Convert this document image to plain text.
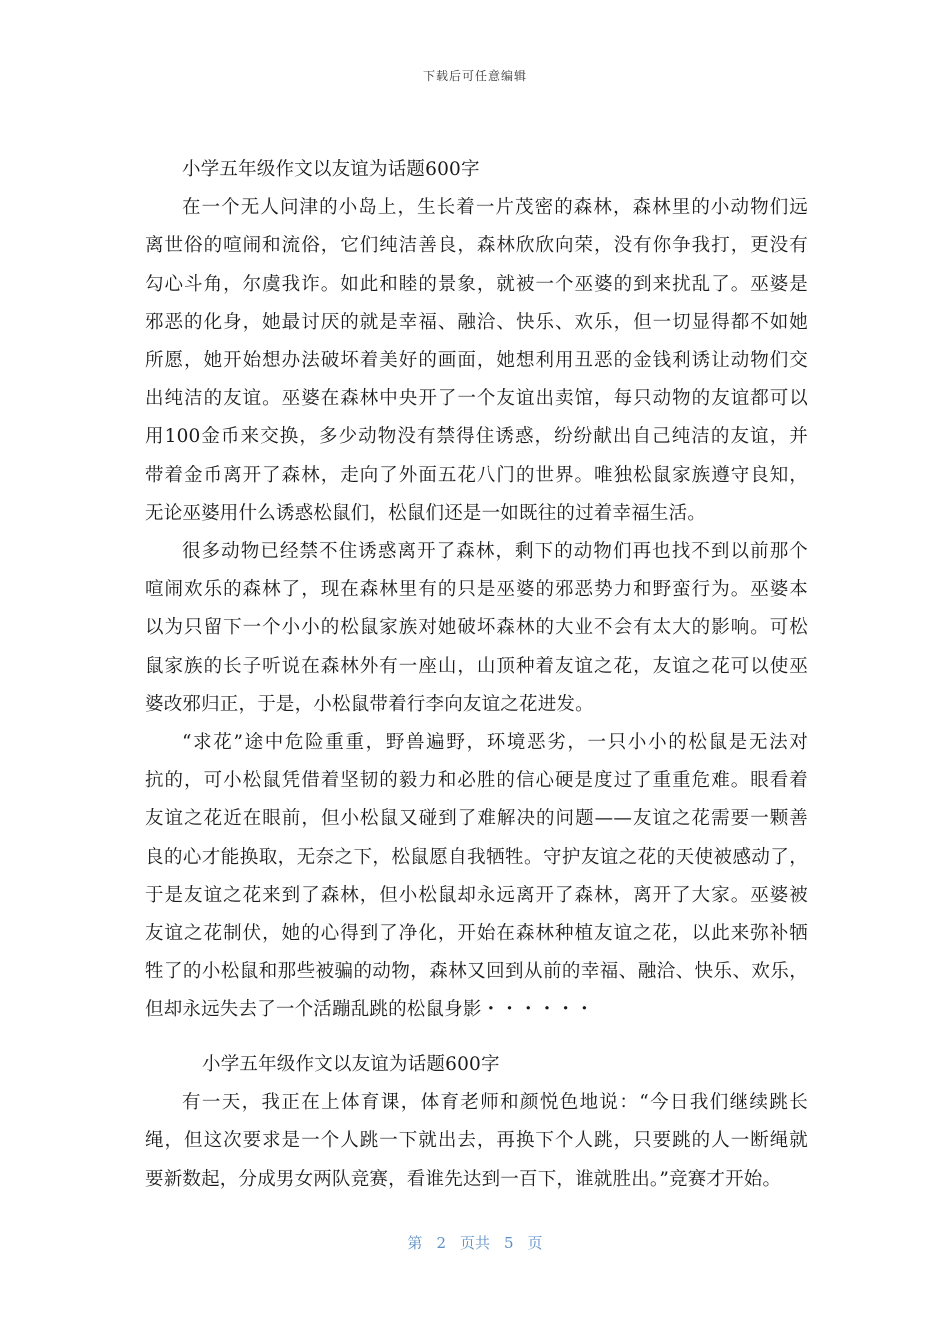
下载后可任意编辑
小学五年级作文以友谊为话题600字
在一个无人问津的小岛上，生长着一片茂密的森林，森林里的小动物们远
离世俗的喧闹和流俗，它们纯洁善良，森林欣欣向荣，没有你争我打，更没有
勾心斗角，尔虞我诈。如此和睦的景象，就被一个巫婆的到来扰乱了。巫婆是
邪恶的化身，她最讨厌的就是幸福、融洽、快乐、欢乐，但一切显得都不如她
所愿，她开始想办法破坏着美好的画面，她想利用丑恶的金钱利诱让动物们交
出纯洁的友谊。巫婆在森林中央开了一个友谊出卖馆，每只动物的友谊都可以
用100金币来交换，多少动物没有禁得住诱惑，纷纷献出自己纯洁的友谊，并
带着金币离开了森林，走向了外面五花八门的世界。唯独松鼠家族遵守良知，
无论巫婆用什么诱惑松鼠们，松鼠们还是一如既往的过着幸福生活。
很多动物已经禁不住诱惑离开了森林，剩下的动物们再也找不到以前那个
喧闹欢乐的森林了，现在森林里有的只是巫婆的邪恶势力和野蛮行为。巫婆本
以为只留下一个小小的松鼠家族对她破坏森林的大业不会有太大的影响。可松
鼠家族的长子听说在森林外有一座山，山顶种着友谊之花，友谊之花可以使巫
婆改邪归正，于是，小松鼠带着行李向友谊之花进发。
“求花”途中危险重重，野兽遍野，环境恶劣，一只小小的松鼠是无法对
抗的，可小松鼠凭借着坚韧的毅力和必胜的信心硬是度过了重重危难。眼看着
友谊之花近在眼前，但小松鼠又碰到了难解决的问题——友谊之花需要一颗善
良的心才能换取，无奈之下，松鼠愿自我牺牲。守护友谊之花的天使被感动了，
于是友谊之花来到了森林，但小松鼠却永远离开了森林，离开了大家。巫婆被
友谊之花制伏，她的心得到了净化，开始在森林种植友谊之花，以此来弥补牺
牲了的小松鼠和那些被骗的动物，森林又回到从前的幸福、融洽、快乐、欢乐，
但却永远失去了一个活蹦乱跳的松鼠身影・・・・・・
小学五年级作文以友谊为话题600字
有一天，我正在上体育课，体育老师和颜悦色地说：“今日我们继续跳长
绳，但这次要求是一个人跳一下就出去，再换下个人跳，只要跳的人一断绳就
要新数起，分成男女两队竞赛，看谁先达到一百下，谁就胜出。”竞赛才开始。
第 2 页共 5 页
